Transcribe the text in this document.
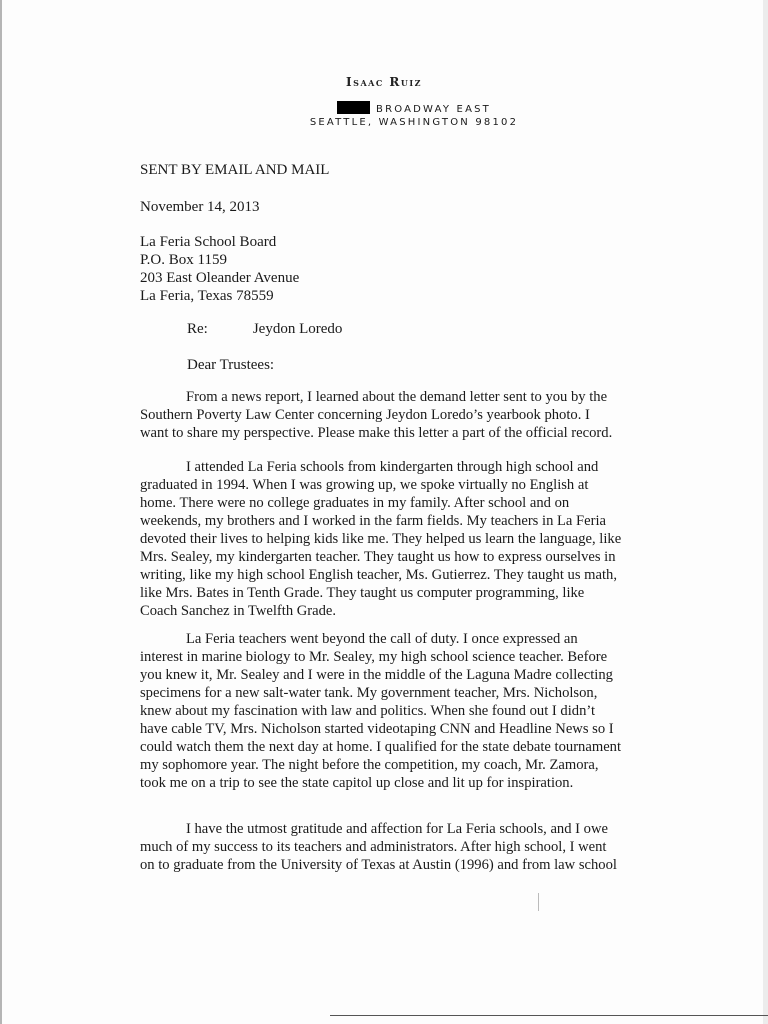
Isaac Ruiz
BROADWAY EAST
SEATTLE, WASHINGTON 98102
SENT BY EMAIL AND MAIL
November 14, 2013
La Feria School Board
P.O. Box 1159
203 East Oleander Avenue
La Feria, Texas 78559
Re:	Jeydon Loredo
Dear Trustees:
From a news report, I learned about the demand letter sent to you by the
Southern Poverty Law Center concerning Jeydon Loredo’s yearbook photo. I
want to share my perspective. Please make this letter a part of the official record.
I attended La Feria schools from kindergarten through high school and
graduated in 1994. When I was growing up, we spoke virtually no English at
home. There were no college graduates in my family. After school and on
weekends, my brothers and I worked in the farm fields. My teachers in La Feria
devoted their lives to helping kids like me. They helped us learn the language, like
Mrs. Sealey, my kindergarten teacher. They taught us how to express ourselves in
writing, like my high school English teacher, Ms. Gutierrez. They taught us math,
like Mrs. Bates in Tenth Grade. They taught us computer programming, like
Coach Sanchez in Twelfth Grade.
La Feria teachers went beyond the call of duty. I once expressed an
interest in marine biology to Mr. Sealey, my high school science teacher. Before
you knew it, Mr. Sealey and I were in the middle of the Laguna Madre collecting
specimens for a new salt-water tank. My government teacher, Mrs. Nicholson,
knew about my fascination with law and politics. When she found out I didn’t
have cable TV, Mrs. Nicholson started videotaping CNN and Headline News so I
could watch them the next day at home. I qualified for the state debate tournament
my sophomore year. The night before the competition, my coach, Mr. Zamora,
took me on a trip to see the state capitol up close and lit up for inspiration.
I have the utmost gratitude and affection for La Feria schools, and I owe
much of my success to its teachers and administrators. After high school, I went
on to graduate from the University of Texas at Austin (1996) and from law school
